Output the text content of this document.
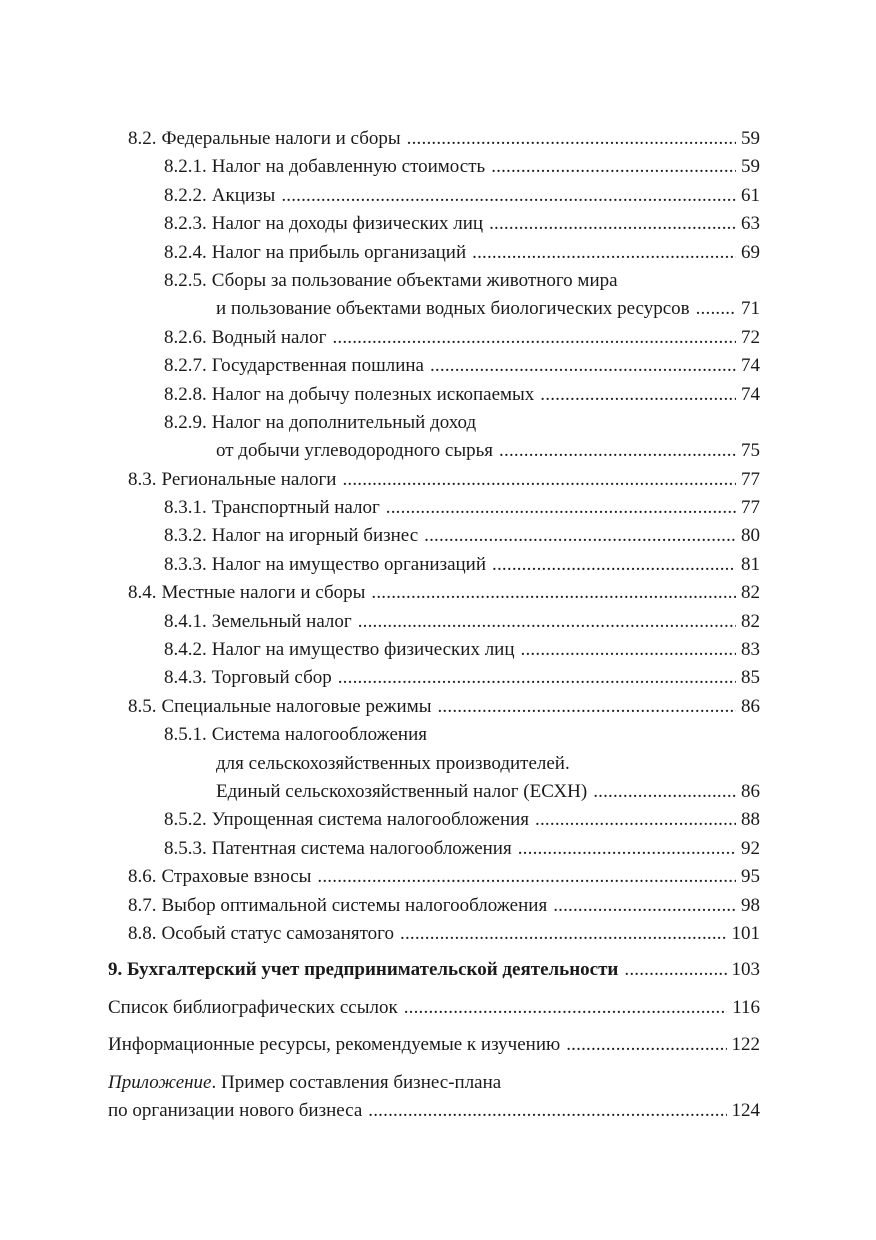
8.2. Федеральные налоги и сборы .....	59
8.2.1. Налог на добавленную стоимость .....	59
8.2.2. Акцизы .....	61
8.2.3. Налог на доходы физических лиц .....	63
8.2.4. Налог на прибыль организаций .....	69
8.2.5. Сборы за пользование объектами животного мира
и пользование объектами водных биологических ресурсов .....	71
8.2.6. Водный налог .....	72
8.2.7. Государственная пошлина .....	74
8.2.8. Налог на добычу полезных ископаемых .....	74
8.2.9. Налог на дополнительный доход
от добычи углеводородного сырья .....	75
8.3. Региональные налоги .....	77
8.3.1. Транспортный налог .....	77
8.3.2. Налог на игорный бизнес .....	80
8.3.3. Налог на имущество организаций .....	81
8.4. Местные налоги и сборы .....	82
8.4.1. Земельный налог .....	82
8.4.2. Налог на имущество физических лиц .....	83
8.4.3. Торговый сбор .....	85
8.5. Специальные налоговые режимы .....	86
8.5.1. Система налогообложения
для сельскохозяйственных производителей.
Единый сельскохозяйственный налог (ЕСХН) .....	86
8.5.2. Упрощенная система налогообложения .....	88
8.5.3. Патентная система налогообложения .....	92
8.6. Страховые взносы .....	95
8.7. Выбор оптимальной системы налогообложения .....	98
8.8. Особый статус самозанятого .....	101
9. Бухгалтерский учет предпринимательской деятельности .....	103
Список библиографических ссылок .....	116
Информационные ресурсы, рекомендуемые к изучению .....	122
Приложение. Пример составления бизнес-плана
по организации нового бизнеса .....	124
